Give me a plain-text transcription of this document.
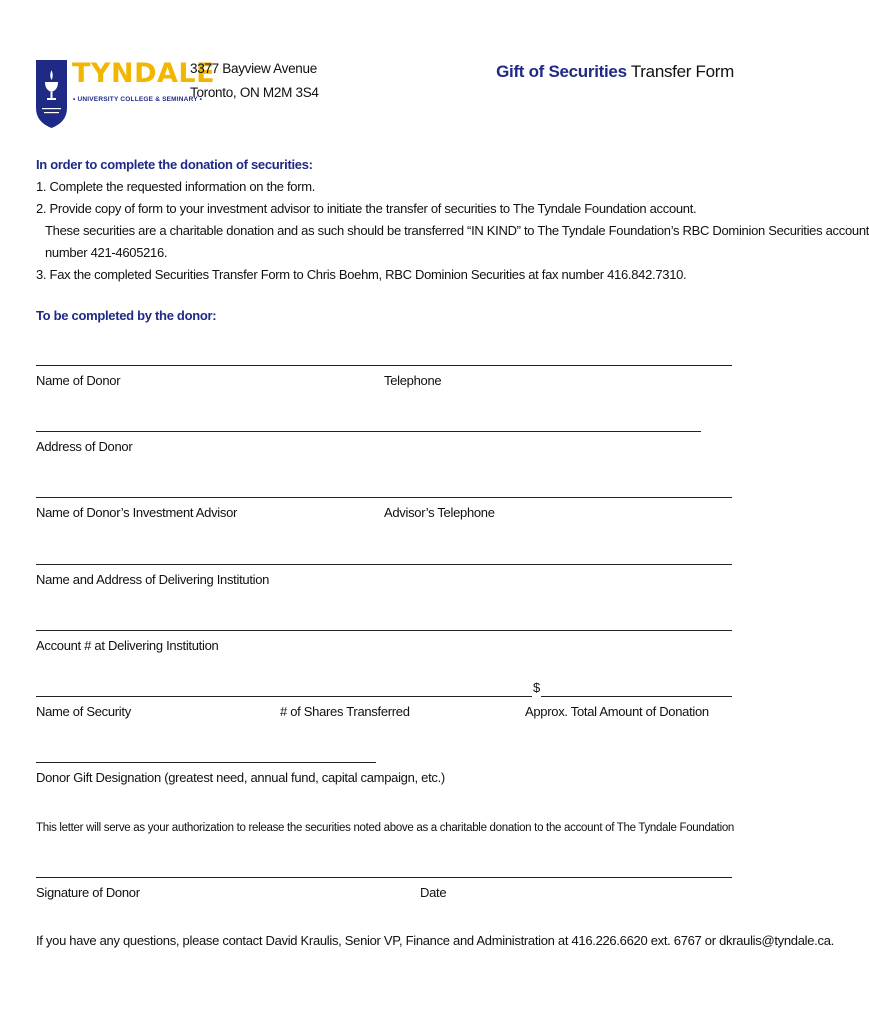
TYNDALE
• UNIVERSITY COLLEGE & SEMINARY •
3377 Bayview Avenue
Toronto, ON M2M 3S4
Gift of Securities Transfer Form
In order to complete the donation of securities:
1. Complete the requested information on the form.
2. Provide copy of form to your investment advisor to initiate the transfer of securities to The Tyndale Foundation account.
These securities are a charitable donation and as such should be transferred “IN KIND” to The Tyndale Foundation’s RBC Dominion Securities account
number 421-4605216.
3. Fax the completed Securities Transfer Form to Chris Boehm, RBC Dominion Securities at fax number 416.842.7310.
To be completed by the donor:
Name of Donor	Telephone
Address of Donor
Name of Donor’s Investment Advisor	Advisor’s Telephone
Name and Address of Delivering Institution
Account # at Delivering Institution
$
Name of Security	# of Shares Transferred	Approx. Total Amount of Donation
Donor Gift Designation (greatest need, annual fund, capital campaign, etc.)
This letter will serve as your authorization to release the securities noted above as a charitable donation to the account of The Tyndale Foundation
Signature of Donor	Date
If you have any questions, please contact David Kraulis, Senior VP, Finance and Administration at 416.226.6620 ext. 6767 or dkraulis@tyndale.ca.
